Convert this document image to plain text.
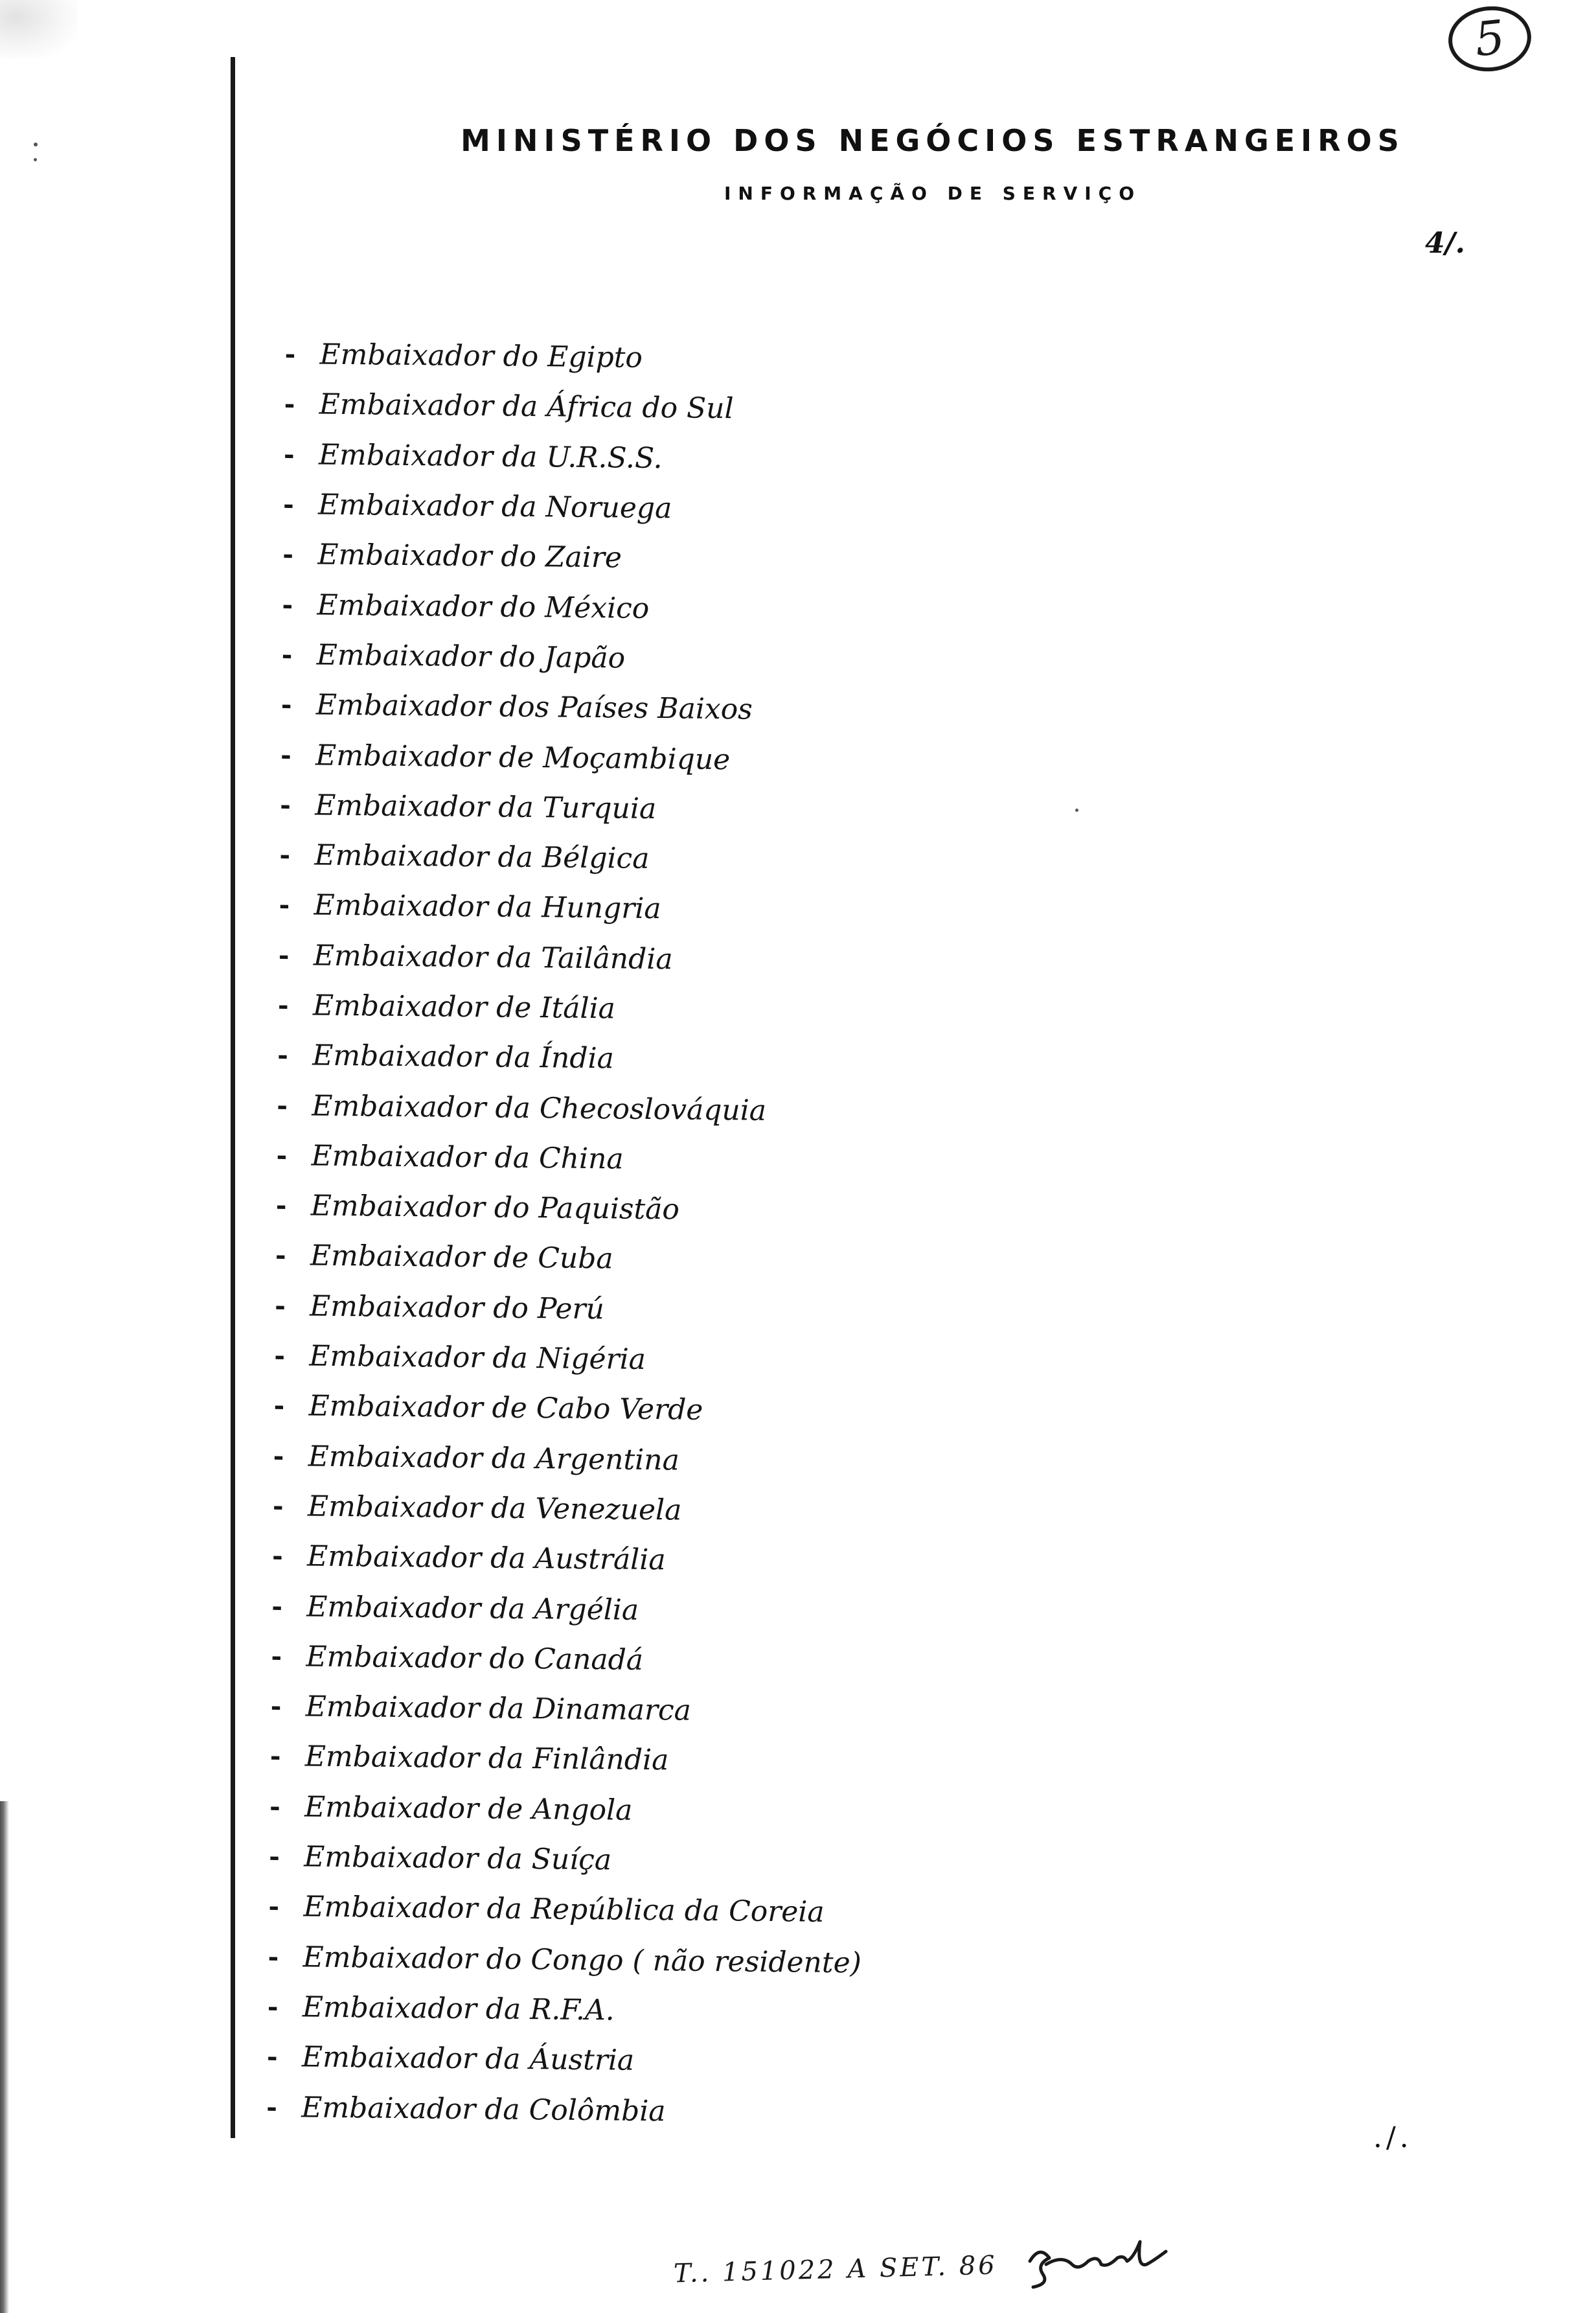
5
MINISTÉRIO DOS NEGÓCIOS ESTRANGEIROS
INFORMAÇÃO DE SERVIÇO
4/.
- Embaixador do Egipto
- Embaixador da África do Sul
- Embaixador da U.R.S.S.
- Embaixador da Noruega
- Embaixador do Zaire
- Embaixador do México
- Embaixador do Japão
- Embaixador dos Países Baixos
- Embaixador de Moçambique
- Embaixador da Turquia
- Embaixador da Bélgica
- Embaixador da Hungria
- Embaixador da Tailândia
- Embaixador de Itália
- Embaixador da Índia
- Embaixador da Checoslováquia
- Embaixador da China
- Embaixador do Paquistão
- Embaixador de Cuba
- Embaixador do Perú
- Embaixador da Nigéria
- Embaixador de Cabo Verde
- Embaixador da Argentina
- Embaixador da Venezuela
- Embaixador da Austrália
- Embaixador da Argélia
- Embaixador do Canadá
- Embaixador da Dinamarca
- Embaixador da Finlândia
- Embaixador de Angola
- Embaixador da Suíça
- Embaixador da República da Coreia
- Embaixador do Congo ( não residente)
- Embaixador da R.F.A.
- Embaixador da Áustria
- Embaixador da Colômbia
./.
T.. 151022 A SET. 86
